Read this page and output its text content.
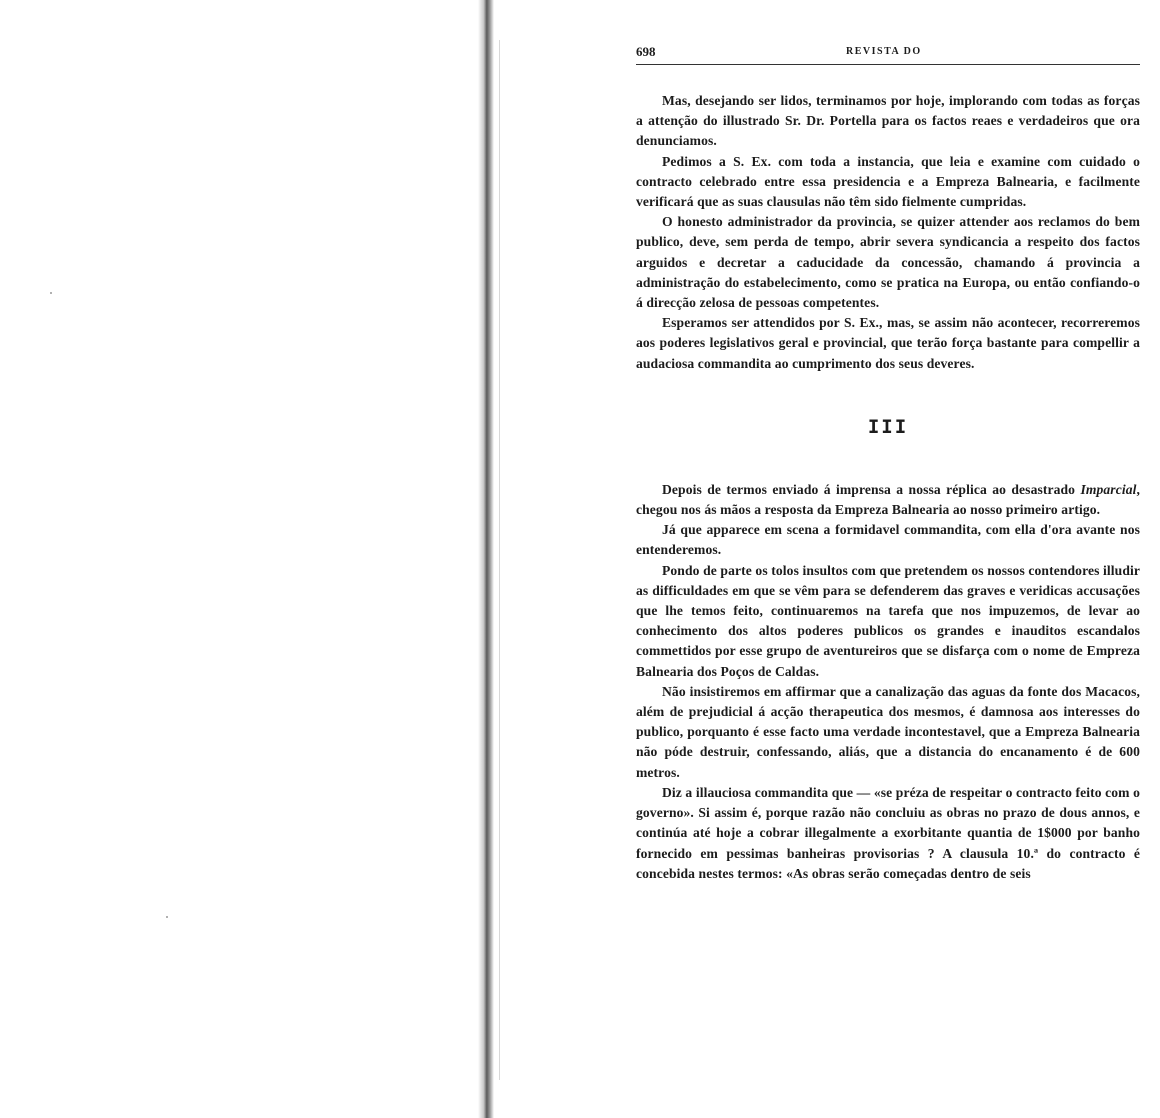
698	REVISTA DO

Mas, desejando ser lidos, terminamos por hoje, implorando com todas as forças a attenção do illustrado Sr. Dr. Portella para os factos reaes e verdadeiros que ora denunciamos.

Pedimos a S. Ex. com toda a instancia, que leia e examine com cuidado o contracto celebrado entre essa presidencia e a Empreza Balnearia, e facilmente verificará que as suas clausulas não têm sido fielmente cumpridas.

O honesto administrador da provincia, se quizer attender aos reclamos do bem publico, deve, sem perda de tempo, abrir severa syndicancia a respeito dos factos arguidos e decretar a caducidade da concessão, chamando á provincia a administração do estabelecimento, como se pratica na Europa, ou então confiando-o á direcção zelosa de pessoas competentes.

Esperamos ser attendidos por S. Ex., mas, se assim não acontecer, recorreremos aos poderes legislativos geral e provincial, que terão força bastante para compellir a audaciosa commandita ao cumprimento dos seus deveres.

III

Depois de termos enviado á imprensa a nossa réplica ao desastrado Imparcial, chegou nos ás mãos a resposta da Empreza Balnearia ao nosso primeiro artigo.

Já que apparece em scena a formidavel commandita, com ella d'ora avante nos entenderemos.

Pondo de parte os tolos insultos com que pretendem os nossos contendores illudir as difficuldades em que se vêm para se defenderem das graves e veridicas accusações que lhe temos feito, continuaremos na tarefa que nos impuzemos, de levar ao conhecimento dos altos poderes publicos os grandes e inauditos escandalos commettidos por esse grupo de aventureiros que se disfarça com o nome de Empreza Balnearia dos Poços de Caldas.

Não insistiremos em affirmar que a canalização das aguas da fonte dos Macacos, além de prejudicial á acção therapeutica dos mesmos, é damnosa aos interesses do publico, porquanto é esse facto uma verdade incontestavel, que a Empreza Balnearia não póde destruir, confessando, aliás, que a distancia do encanamento é de 600 metros.

Diz a illauciosa commandita que — «se préza de respeitar o contracto feito com o governo». Si assim é, porque razão não concluiu as obras no prazo de dous annos, e continúa até hoje a cobrar illegalmente a exorbitante quantia de 1$000 por banho fornecido em pessimas banheiras provisorias ? A clausula 10.ª do contracto é concebida nestes termos: «As obras serão começadas dentro de seis
